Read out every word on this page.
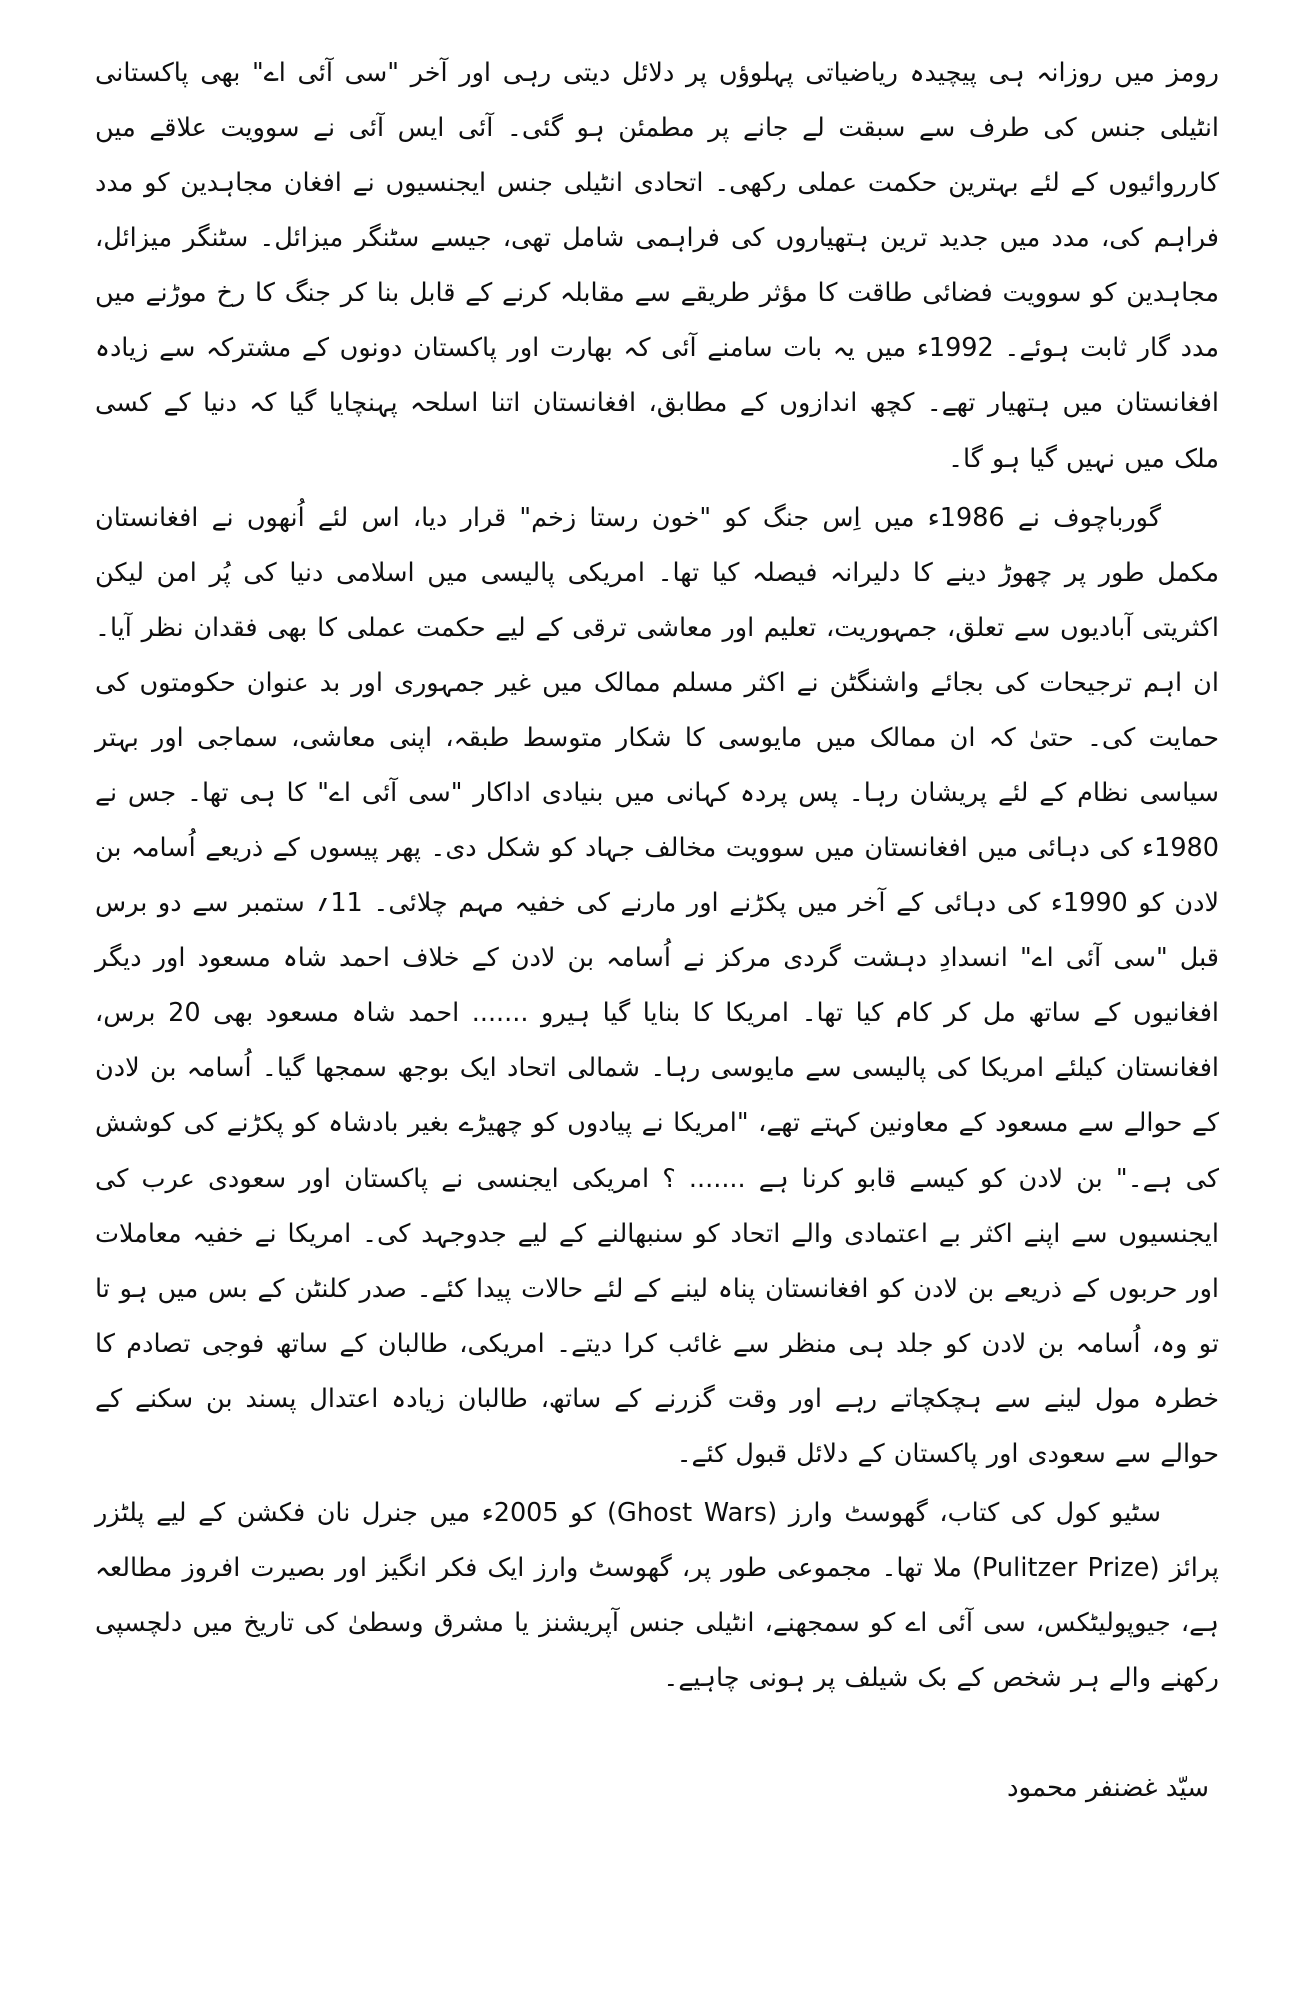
رومز میں روزانہ ہی پیچیدہ ریاضیاتی پہلوؤں پر دلائل دیتی رہی اور آخر "سی آئی اے" بھی پاکستانی انٹیلی جنس کی طرف سے سبقت لے جانے پر مطمئن ہو گئی۔ آئی ایس آئی نے سوویت علاقے میں کارروائیوں کے لئے بہترین حکمت عملی رکھی۔ اتحادی انٹیلی جنس ایجنسیوں نے افغان مجاہدین کو مدد فراہم کی، مدد میں جدید ترین ہتھیاروں کی فراہمی شامل تھی، جیسے سٹنگر میزائل۔ سٹنگر میزائل، مجاہدین کو سوویت فضائی طاقت کا مؤثر طریقے سے مقابلہ کرنے کے قابل بنا کر جنگ کا رخ موڑنے میں مدد گار ثابت ہوئے۔ 1992ء میں یہ بات سامنے آئی کہ بھارت اور پاکستان دونوں کے مشترکہ سے زیادہ افغانستان میں ہتھیار تھے۔ کچھ اندازوں کے مطابق، افغانستان اتنا اسلحہ پہنچایا گیا کہ دنیا کے کسی ملک میں نہیں گیا ہو گا۔

گورباچوف نے 1986ء میں اِس جنگ کو "خون رستا زخم" قرار دیا، اس لئے اُنھوں نے افغانستان مکمل طور پر چھوڑ دینے کا دلیرانہ فیصلہ کیا تھا۔ امریکی پالیسی میں اسلامی دنیا کی پُر امن لیکن اکثریتی آبادیوں سے تعلق، جمہوریت، تعلیم اور معاشی ترقی کے لیے حکمت عملی کا بھی فقدان نظر آیا۔ ان اہم ترجیحات کی بجائے واشنگٹن نے اکثر مسلم ممالک میں غیر جمہوری اور بد عنوان حکومتوں کی حمایت کی۔ حتیٰ کہ ان ممالک میں مایوسی کا شکار متوسط طبقہ، اپنی معاشی، سماجی اور بہتر سیاسی نظام کے لئے پریشان رہا۔ پس پردہ کہانی میں بنیادی اداکار "سی آئی اے" کا ہی تھا۔ جس نے 1980ء کی دہائی میں افغانستان میں سوویت مخالف جہاد کو شکل دی۔ پھر پیسوں کے ذریعے اُسامہ بن لادن کو 1990ء کی دہائی کے آخر میں پکڑنے اور مارنے کی خفیہ مہم چلائی۔ 11؍ ستمبر سے دو برس قبل "سی آئی اے" انسدادِ دہشت گردی مرکز نے اُسامہ بن لادن کے خلاف احمد شاہ مسعود اور دیگر افغانیوں کے ساتھ مل کر کام کیا تھا۔ امریکا کا بنایا گیا ہیرو ....... احمد شاہ مسعود بھی 20 برس، افغانستان کیلئے امریکا کی پالیسی سے مایوسی رہا۔ شمالی اتحاد ایک بوجھ سمجھا گیا۔ اُسامہ بن لادن کے حوالے سے مسعود کے معاونین کہتے تھے، "امریکا نے پیادوں کو چھیڑے بغیر بادشاہ کو پکڑنے کی کوشش کی ہے۔" بن لادن کو کیسے قابو کرنا ہے ....... ؟ امریکی ایجنسی نے پاکستان اور سعودی عرب کی ایجنسیوں سے اپنے اکثر بے اعتمادی والے اتحاد کو سنبھالنے کے لیے جدوجہد کی۔ امریکا نے خفیہ معاملات اور حربوں کے ذریعے بن لادن کو افغانستان پناہ لینے کے لئے حالات پیدا کئے۔ صدر کلنٹن کے بس میں ہو تا تو وہ، اُسامہ بن لادن کو جلد ہی منظر سے غائب کرا دیتے۔ امریکی، طالبان کے ساتھ فوجی تصادم کا خطرہ مول لینے سے ہچکچاتے رہے اور وقت گزرنے کے ساتھ، طالبان زیادہ اعتدال پسند بن سکنے کے حوالے سے سعودی اور پاکستان کے دلائل قبول کئے۔

سٹیو کول کی کتاب، گھوسٹ وارز (Ghost Wars) کو 2005ء میں جنرل نان فکشن کے لیے پلٹزر پرائز (Pulitzer Prize) ملا تھا۔ مجموعی طور پر، گھوسٹ وارز ایک فکر انگیز اور بصیرت افروز مطالعہ ہے، جیوپولیٹکس، سی آئی اے کو سمجھنے، انٹیلی جنس آپریشنز یا مشرق وسطیٰ کی تاریخ میں دلچسپی رکھنے والے ہر شخص کے بک شیلف پر ہونی چاہیے۔

سیّد غضنفر محمود
